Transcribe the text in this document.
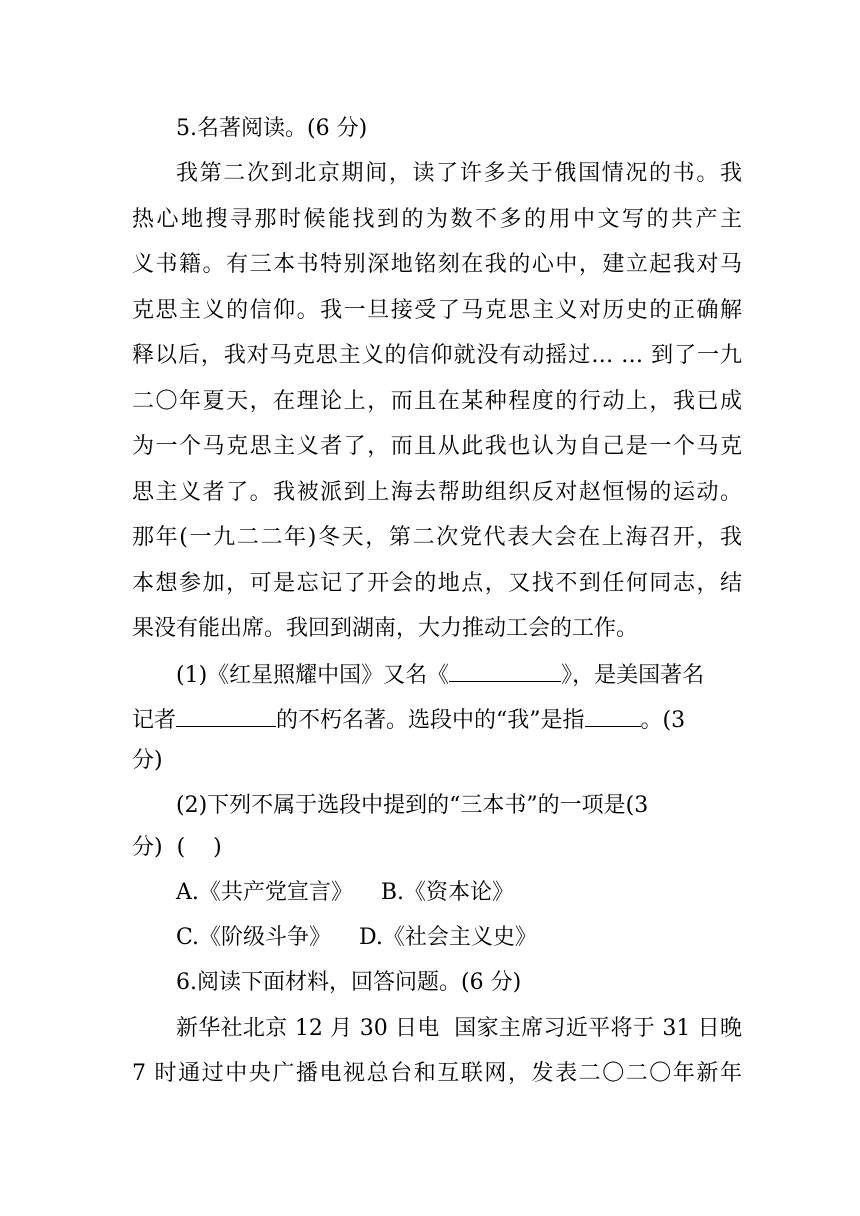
5.名著阅读。(6 分)
我第二次到北京期间，读了许多关于俄国情况的书。我
热心地搜寻那时候能找到的为数不多的用中文写的共产主
义书籍。有三本书特别深地铭刻在我的心中，建立起我对马
克思主义的信仰。我一旦接受了马克思主义对历史的正确解
释以后，我对马克思主义的信仰就没有动摇过… … 到了一九
二〇年夏天，在理论上，而且在某种程度的行动上，我已成
为一个马克思主义者了，而且从此我也认为自己是一个马克
思主义者了。我被派到上海去帮助组织反对赵恒惕的运动。
那年(一九二二年)冬天，第二次党代表大会在上海召开，我
本想参加，可是忘记了开会的地点，又找不到任何同志，结
果没有能出席。我回到湖南，大力推动工会的工作。
(1)《红星照耀中国》又名《	》，是美国著名
记者	的不朽名著。选段中的“我”是指	。(3
分)
(2)下列不属于选段中提到的“三本书”的一项是(3
分)  (    )
A.《共产党宣言》    B.《资本论》
C.《阶级斗争》    D.《社会主义史》
6.阅读下面材料，回答问题。(6 分)
新华社北京 12 月 30 日电  国家主席习近平将于 31 日晚
7 时通过中央广播电视总台和互联网，发表二〇二〇年新年
